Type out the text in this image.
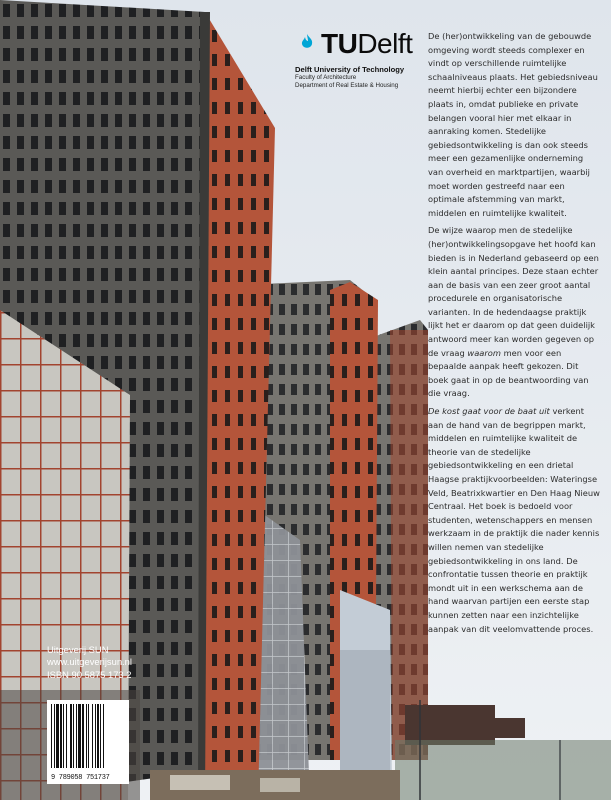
TUDelft
Delft University of Technology
Faculty of Architecture
Department of Real Estate & Housing

De (her)ontwikkeling van de gebouwde omgeving wordt steeds complexer en vindt op verschillende ruimtelijke schaalniveaus plaats. Het gebiedsniveau neemt hierbij echter een bijzondere plaats in, omdat publieke en private belangen vooral hier met elkaar in aanraking komen. Stedelijke gebiedsontwikkeling is dan ook steeds meer een gezamenlijke onderneming van overheid en marktpartijen, waarbij moet worden gestreefd naar een optimale afstemming van markt, middelen en ruimtelijke kwaliteit.

De wijze waarop men de stedelijke (her)ontwikkelingsopgave het hoofd kan bieden is in Nederland gebaseerd op een klein aantal principes. Deze staan echter aan de basis van een zeer groot aantal procedurele en organisatorische varianten. In de hedendaagse praktijk lijkt het er daarom op dat geen duidelijk antwoord meer kan worden gegeven op de vraag waarom men voor een bepaalde aanpak heeft gekozen. Dit boek gaat in op de beantwoording van die vraag.

De kost gaat voor de baat uit verkent aan de hand van de begrippen markt, middelen en ruimtelijke kwaliteit de theorie van de stedelijke gebiedsontwikkeling en een drietal Haagse praktijkvoorbeelden: Wateringse Veld, Beatrixkwartier en Den Haag Nieuw Centraal. Het boek is bedoeld voor studenten, wetenschappers en mensen werkzaam in de praktijk die nader kennis willen nemen van stedelijke gebiedsontwikkeling in ons land. De confrontatie tussen theorie en praktijk mondt uit in een werkschema aan de hand waarvan partijen een eerste stap kunnen zetten naar een inzichtelijke aanpak van dit veelomvattende proces.

Uitgeverij SUN
www.uitgeverijsun.nl
ISBN 90 5875 173 2
9 789058 751737
